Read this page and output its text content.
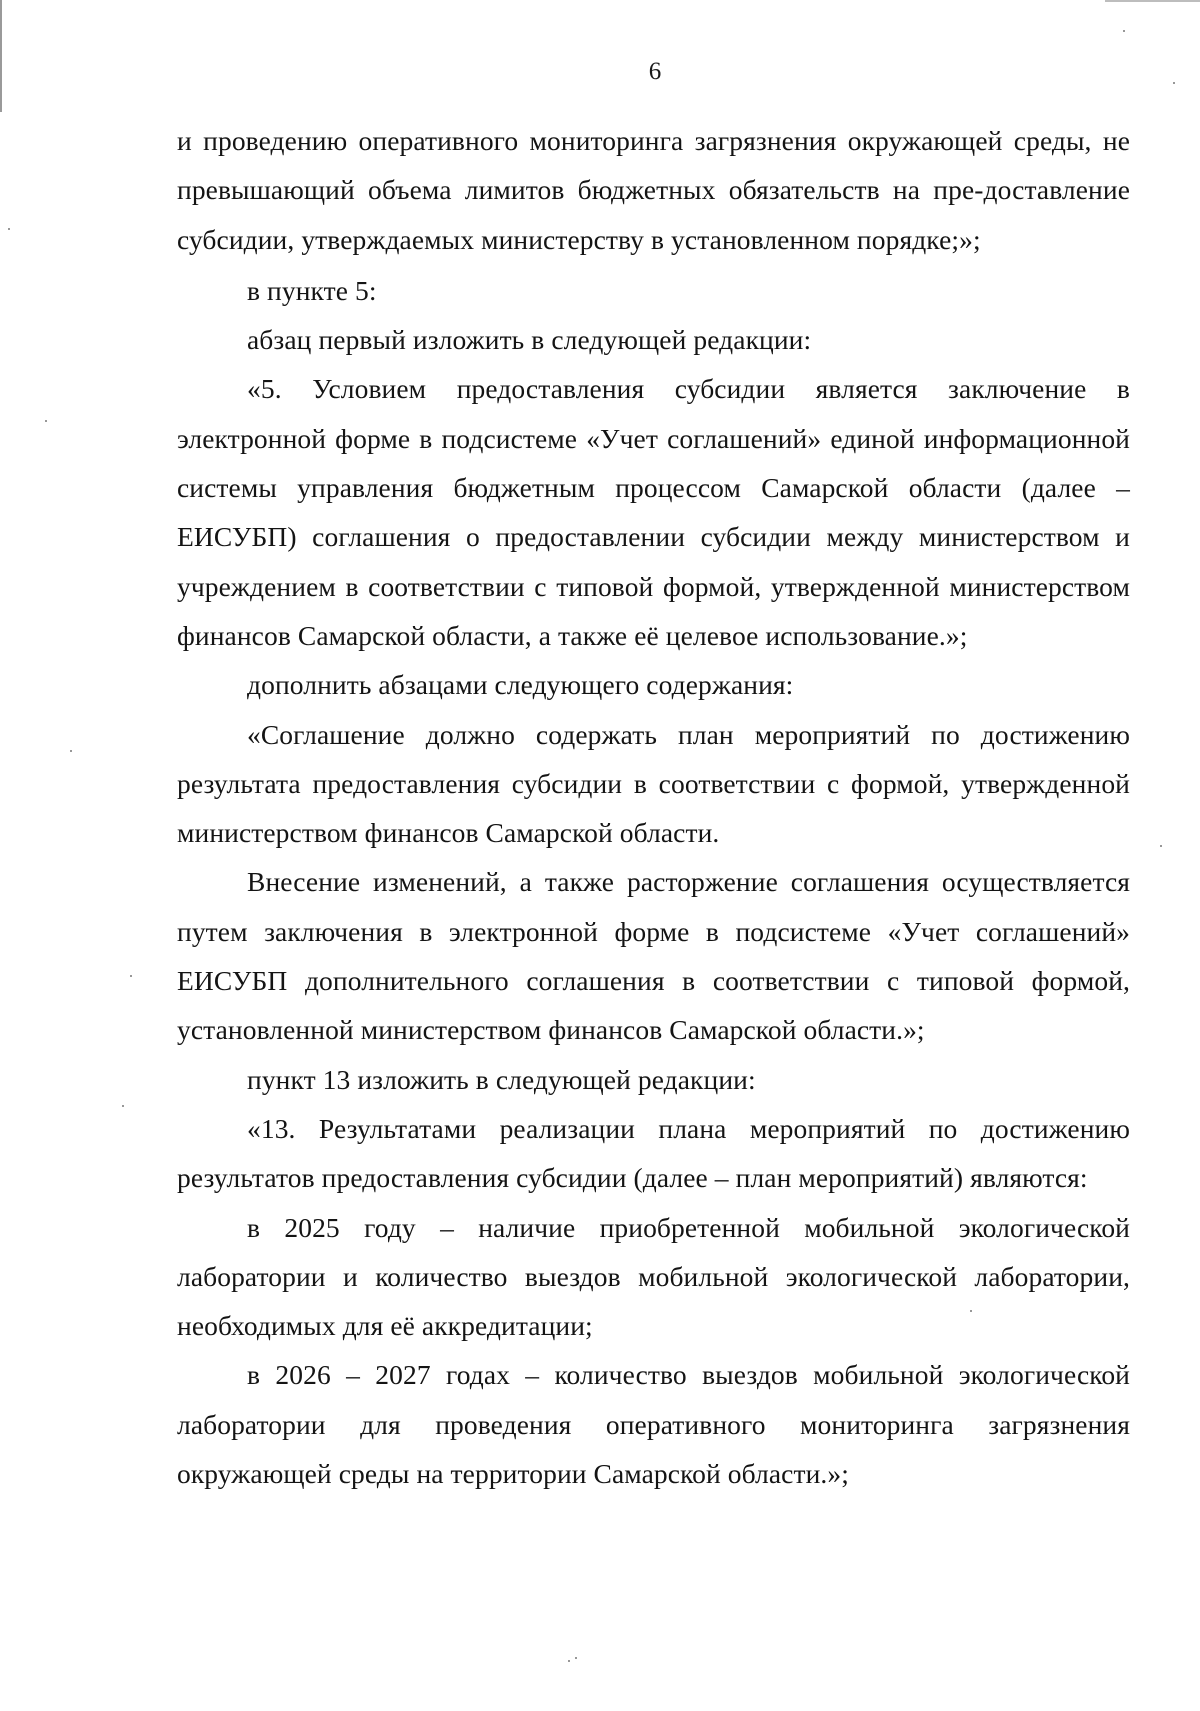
6

и проведению оперативного мониторинга загрязнения окружающей среды, не превышающий объема лимитов бюджетных обязательств на пре-доставление субсидии, утверждаемых министерству в установленном порядке;»;

в пункте 5:

абзац первый изложить в следующей редакции:

«5. Условием предоставления субсидии является заключение в электронной форме в подсистеме «Учет соглашений» единой информационной системы управления бюджетным процессом Самарской области (далее – ЕИСУБП) соглашения о предоставлении субсидии между министерством и учреждением в соответствии с типовой формой, утвержденной министерством финансов Самарской области, а также её целевое использование.»;

дополнить абзацами следующего содержания:

«Соглашение должно содержать план мероприятий по достижению результата предоставления субсидии в соответствии с формой, утвержденной министерством финансов Самарской области.

Внесение изменений, а также расторжение соглашения осуществляется путем заключения в электронной форме в подсистеме «Учет соглашений» ЕИСУБП дополнительного соглашения в соответствии с типовой формой, установленной министерством финансов Самарской области.»;

пункт 13 изложить в следующей редакции:

«13. Результатами реализации плана мероприятий по достижению результатов предоставления субсидии (далее – план мероприятий) являются:

в 2025 году – наличие приобретенной мобильной экологической лаборатории и количество выездов мобильной экологической лаборатории, необходимых для её аккредитации;

в 2026 – 2027 годах – количество выездов мобильной экологической лаборатории для проведения оперативного мониторинга загрязнения окружающей среды на территории Самарской области.»;
